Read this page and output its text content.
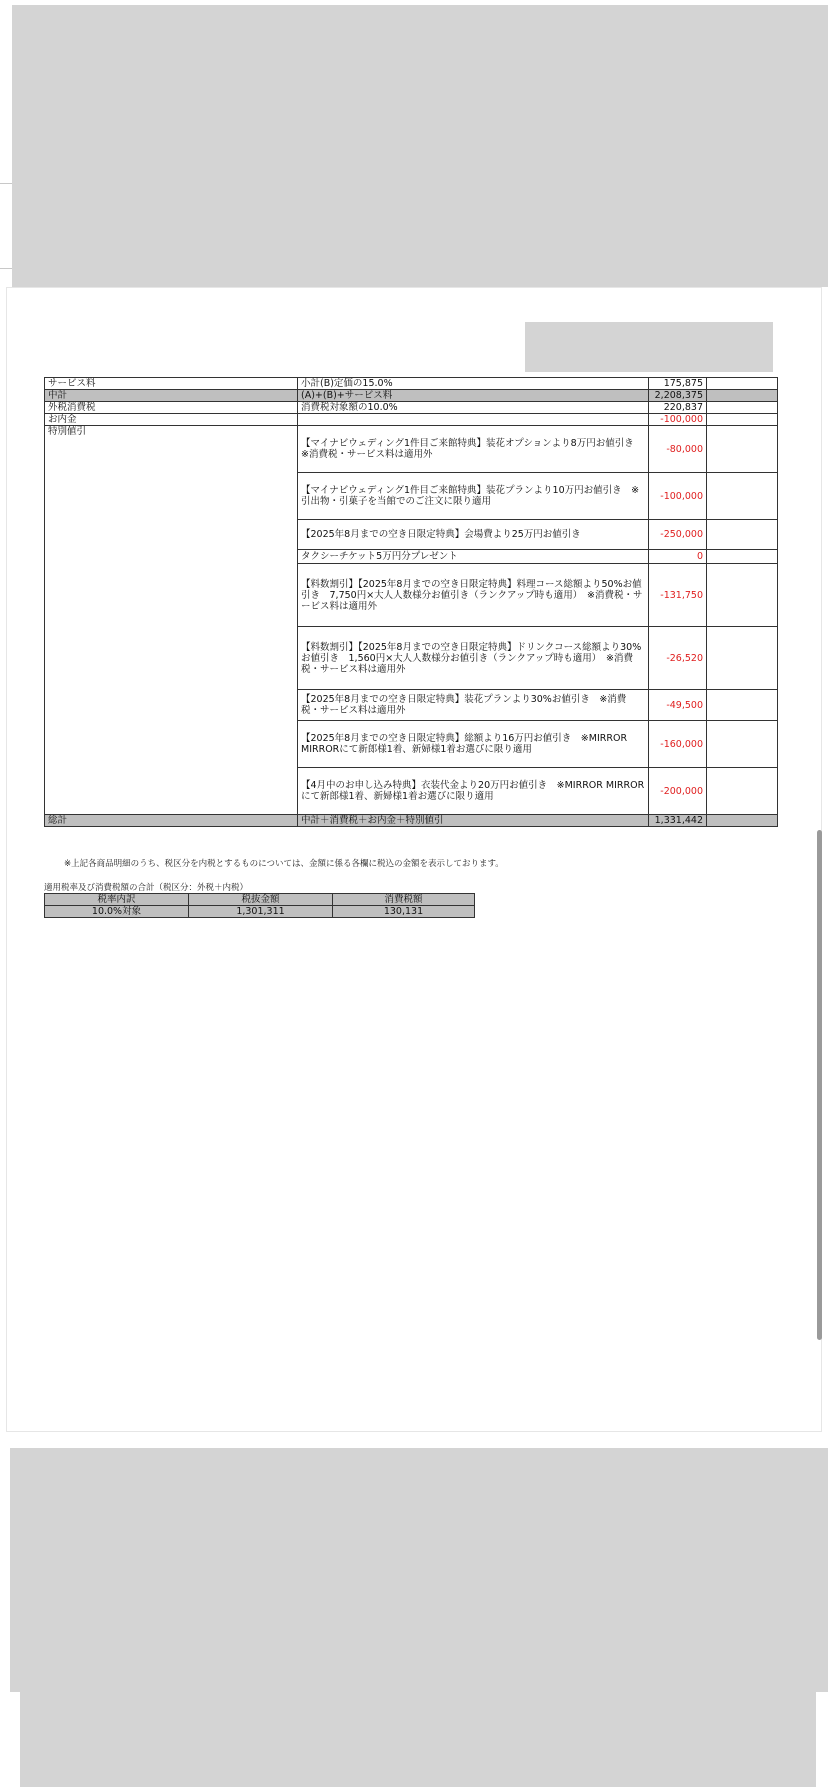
サービス料	小計(B)定価の15.0%	175,875	
中計	(A)+(B)+サービス料	2,208,375	
外税消費税	消費税対象額の10.0%	220,837	
お内金		-100,000	
特別値引	【マイナビウェディング1件目ご来館特典】装花オプションより8万円お値引き　※消費税・サービス料は適用外	-80,000	
	【マイナビウェディング1件目ご来館特典】装花プランより10万円お値引き　※引出物・引菓子を当館でのご注文に限り適用	-100,000	
	【2025年8月までの空き日限定特典】会場費より25万円お値引き	-250,000	
	タクシーチケット5万円分プレゼント	0	
	【料数割引】【2025年8月までの空き日限定特典】料理コース総額より50%お値引き　7,750円×大人人数様分お値引き（ランクアップ時も適用）　※消費税・サービス料は適用外	-131,750	
	【料数割引】【2025年8月までの空き日限定特典】ドリンクコース総額より30%お値引き　1,560円×大人人数様分お値引き（ランクアップ時も適用）　※消費税・サービス料は適用外	-26,520	
	【2025年8月までの空き日限定特典】装花プランより30%お値引き　※消費税・サービス料は適用外	-49,500	
	【2025年8月までの空き日限定特典】総額より16万円お値引き　※MIRROR MIRRORにて新郎様1着、新婦様1着お選びに限り適用	-160,000	
	【4月中のお申し込み特典】衣装代金より20万円お値引き　※MIRROR MIRRORにて新郎様1着、新婦様1着お選びに限り適用	-200,000	
総計	中計＋消費税＋お内金＋特別値引	1,331,442	
※上記各商品明細のうち、税区分を内税とするものについては、金額に係る各欄に税込の金額を表示しております。
適用税率及び消費税額の合計（税区分：外税＋内税）
税率内訳	税抜金額	消費税額
10.0%対象	1,301,311	130,131
